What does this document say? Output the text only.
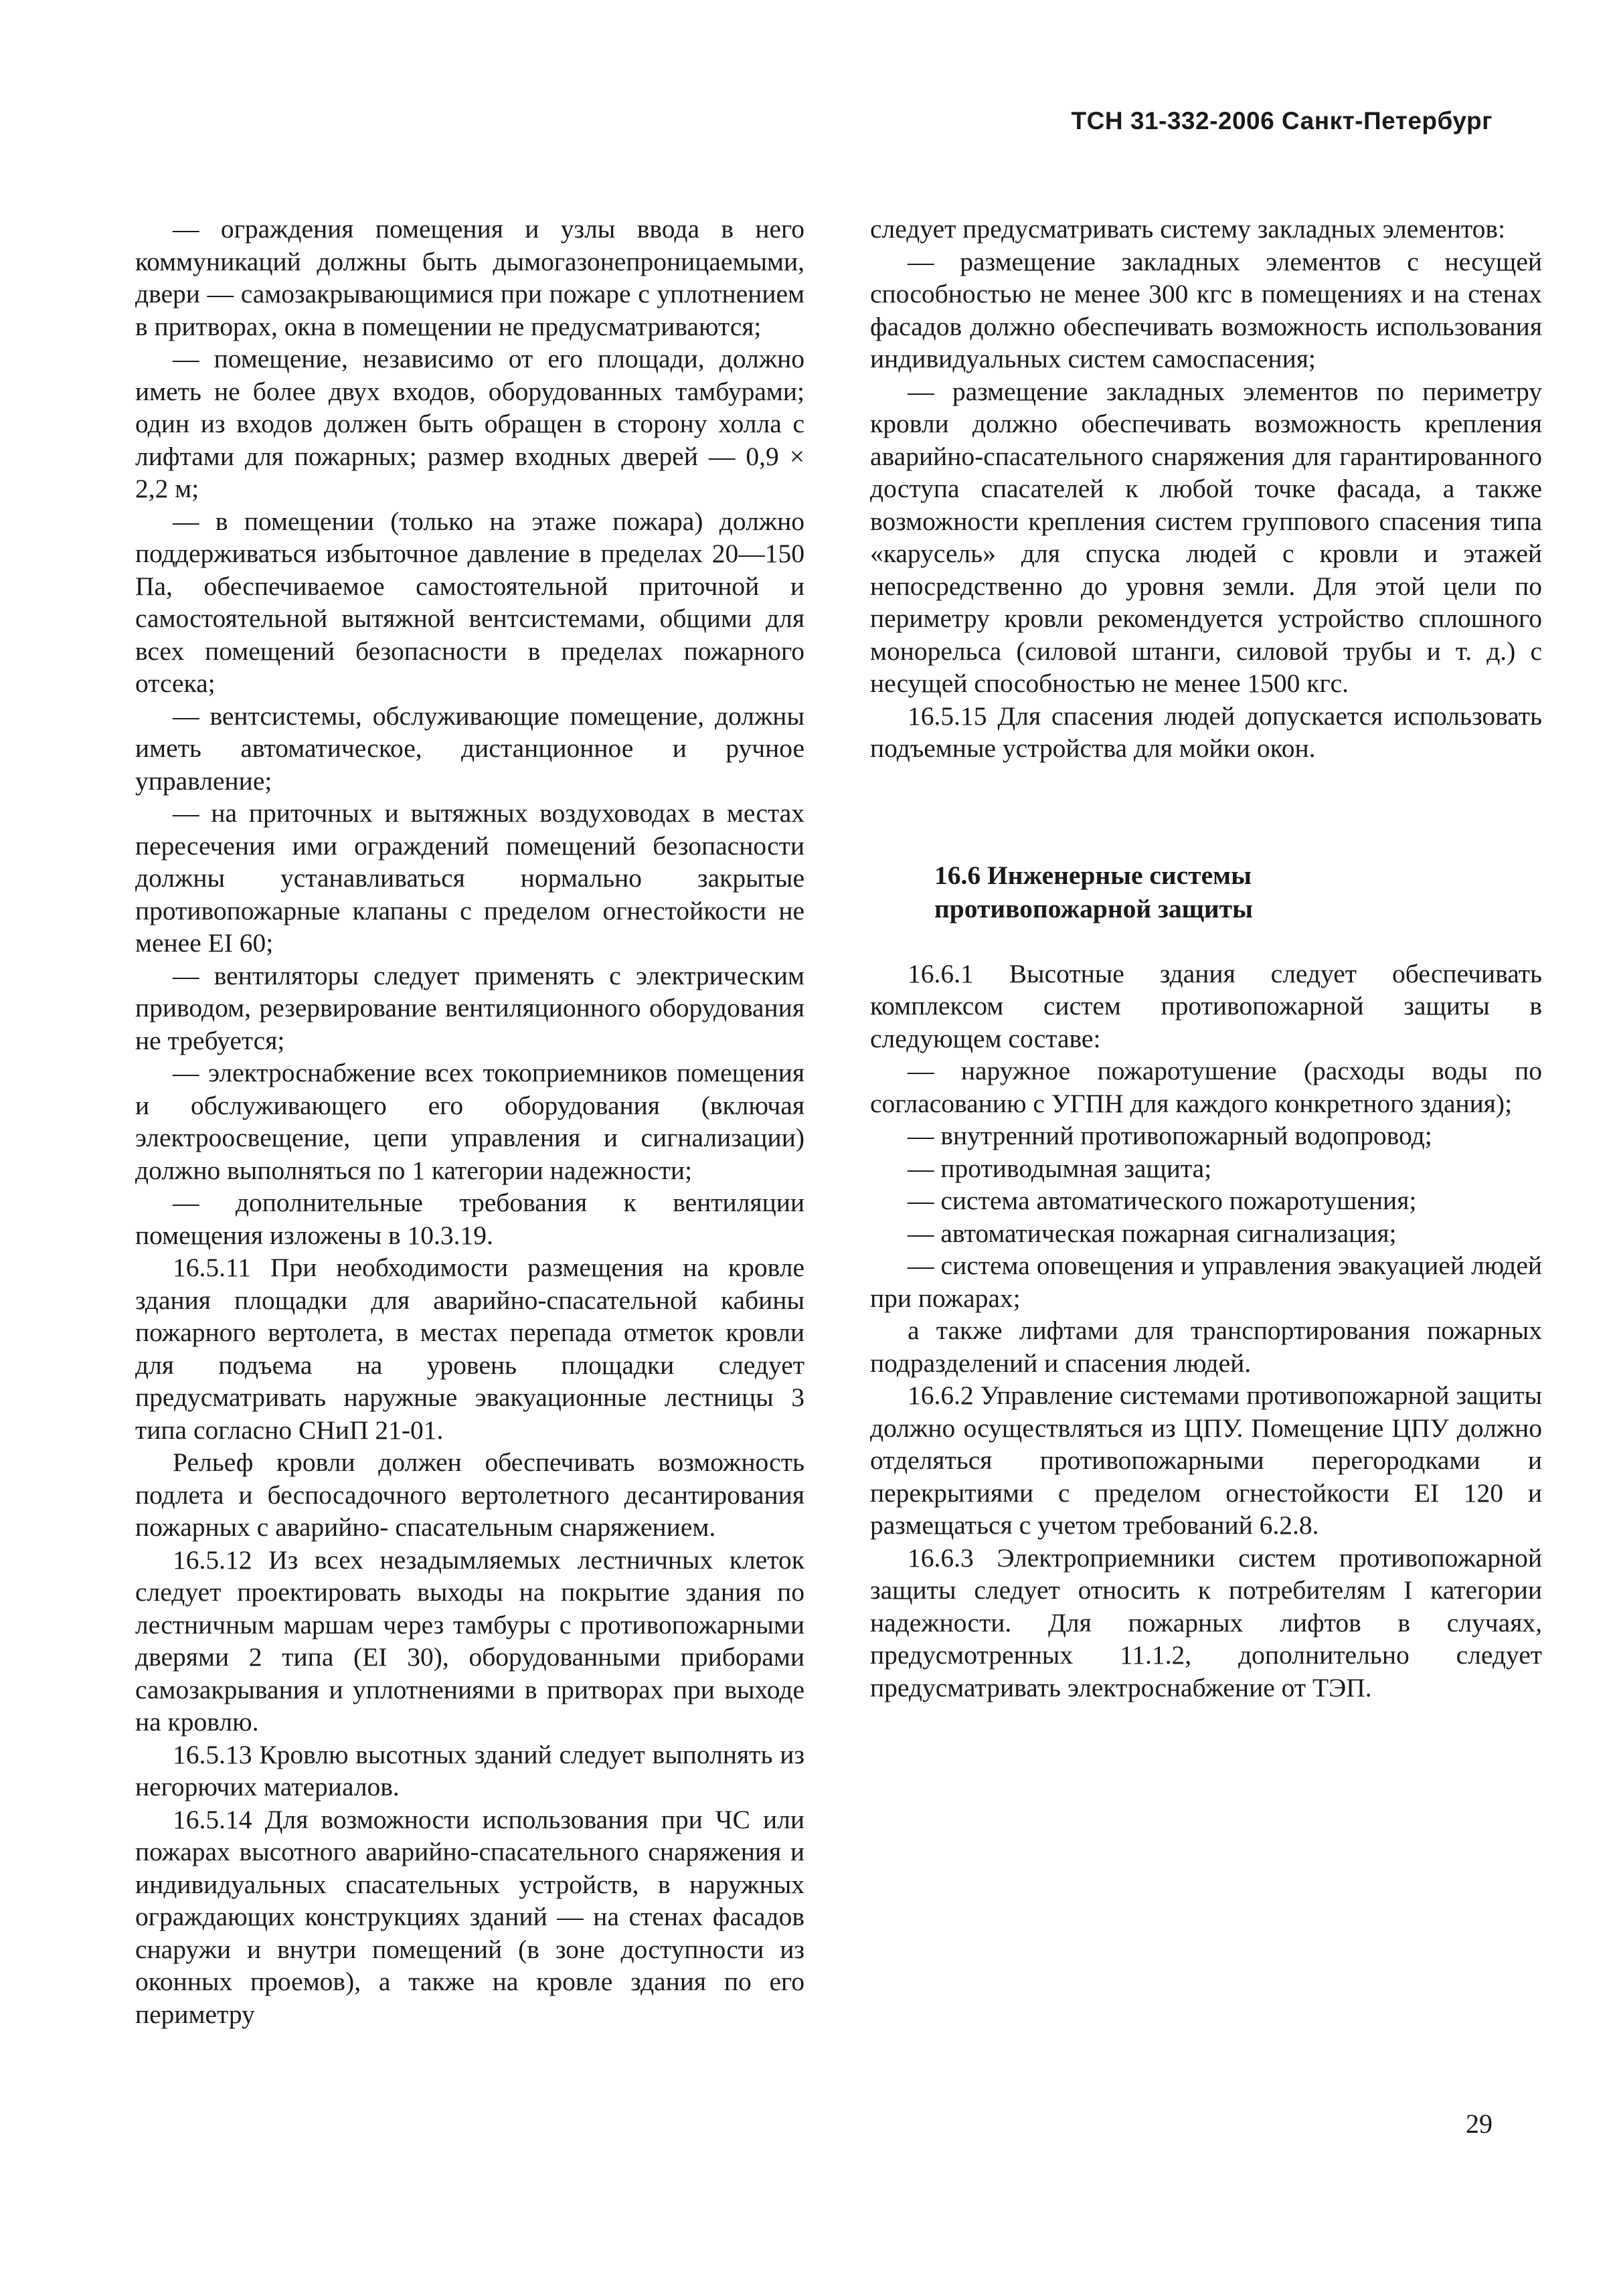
ТСН 31-332-2006 Санкт-Петербург

— ограждения помещения и узлы ввода в него коммуникаций должны быть дымогазонепроницаемыми, двери — самозакрывающимися при пожаре с уплотнением в притворах, окна в помещении не предусматриваются;

— помещение, независимо от его площади, должно иметь не более двух входов, оборудованных тамбурами; один из входов должен быть обращен в сторону холла с лифтами для пожарных; размер входных дверей — 0,9 × 2,2 м;

— в помещении (только на этаже пожара) должно поддерживаться избыточное давление в пределах 20—150 Па, обеспечиваемое самостоятельной приточной и самостоятельной вытяжной вентсистемами, общими для всех помещений безопасности в пределах пожарного отсека;

— вентсистемы, обслуживающие помещение, должны иметь автоматическое, дистанционное и ручное управление;

— на приточных и вытяжных воздуховодах в местах пересечения ими ограждений помещений безопасности должны устанавливаться нормально закрытые противопожарные клапаны с пределом огнестойкости не менее EI 60;

— вентиляторы следует применять с электрическим приводом, резервирование вентиляционного оборудования не требуется;

— электроснабжение всех токоприемников помещения и обслуживающего его оборудования (включая электроосвещение, цепи управления и сигнализации) должно выполняться по 1 категории надежности;

— дополнительные требования к вентиляции помещения изложены в 10.3.19.

16.5.11 При необходимости размещения на кровле здания площадки для аварийно-спасательной кабины пожарного вертолета, в местах перепада отметок кровли для подъема на уровень площадки следует предусматривать наружные эвакуационные лестницы 3 типа согласно СНиП 21-01.

Рельеф кровли должен обеспечивать возможность подлета и беспосадочного вертолетного десантирования пожарных с аварийно- спасательным снаряжением.

16.5.12 Из всех незадымляемых лестничных клеток следует проектировать выходы на покрытие здания по лестничным маршам через тамбуры с противопожарными дверями 2 типа (EI 30), оборудованными приборами самозакрывания и уплотнениями в притворах при выходе на кровлю.

16.5.13 Кровлю высотных зданий следует выполнять из негорючих материалов.

16.5.14 Для возможности использования при ЧС или пожарах высотного аварийно-спасательного снаряжения и индивидуальных спасательных устройств, в наружных ограждающих конструкциях зданий — на стенах фасадов снаружи и внутри помещений (в зоне доступности из оконных проемов), а также на кровле здания по его периметру

следует предусматривать систему закладных элементов:

— размещение закладных элементов с несущей способностью не менее 300 кгс в помещениях и на стенах фасадов должно обеспечивать возможность использования индивидуальных систем самоспасения;

— размещение закладных элементов по периметру кровли должно обеспечивать возможность крепления аварийно-спасательного снаряжения для гарантированного доступа спасателей к любой точке фасада, а также возможности крепления систем группового спасения типа «карусель» для спуска людей с кровли и этажей непосредственно до уровня земли. Для этой цели по периметру кровли рекомендуется устройство сплошного монорельса (силовой штанги, силовой трубы и т. д.) с несущей способностью не менее 1500 кгс.

16.5.15 Для спасения людей допускается использовать подъемные устройства для мойки окон.

16.6 Инженерные системы
противопожарной защиты

16.6.1 Высотные здания следует обеспечивать комплексом систем противопожарной защиты в следующем составе:

— наружное пожаротушение (расходы воды по согласованию с УГПН для каждого конкретного здания);

— внутренний противопожарный водопровод;

— противодымная защита;

— система автоматического пожаротушения;

— автоматическая пожарная сигнализация;

— система оповещения и управления эвакуацией людей при пожарах;

а также лифтами для транспортирования пожарных подразделений и спасения людей.

16.6.2 Управление системами противопожарной защиты должно осуществляться из ЦПУ. Помещение ЦПУ должно отделяться противопожарными перегородками и перекрытиями с пределом огнестойкости EI 120 и размещаться с учетом требований 6.2.8.

16.6.3 Электроприемники систем противопожарной защиты следует относить к потребителям I категории надежности. Для пожарных лифтов в случаях, предусмотренных 11.1.2, дополнительно следует предусматривать электроснабжение от ТЭП.

29
